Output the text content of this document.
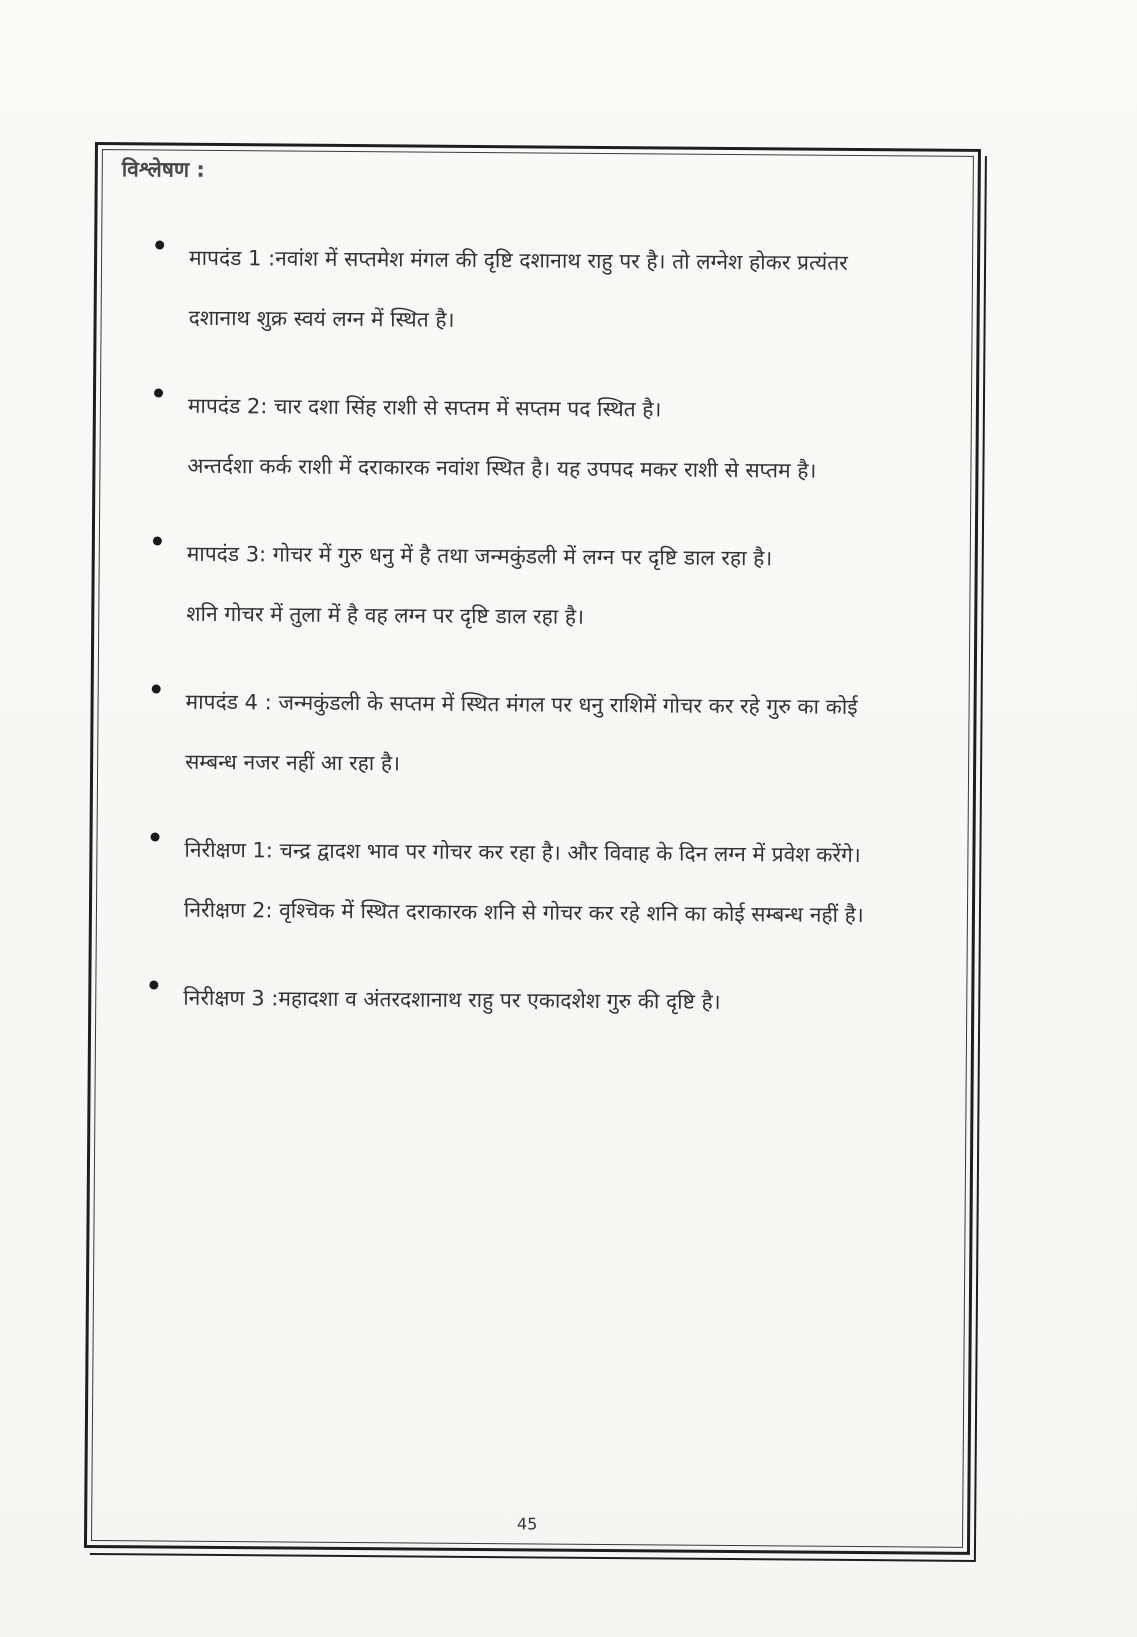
विश्लेषण :
मापदंड 1 :नवांश में सप्तमेश मंगल की दृष्टि दशानाथ राहु पर है। तो लग्नेश होकर प्रत्यंतर
दशानाथ शुक्र स्वयं लग्न में स्थित है।
मापदंड 2: चार दशा सिंह राशी से सप्तम में सप्तम पद स्थित है।
अन्तर्दशा कर्क राशी में दराकारक नवांश स्थित है। यह उपपद मकर राशी से सप्तम है।
मापदंड 3: गोचर में गुरु धनु में है तथा जन्मकुंडली में लग्न पर दृष्टि डाल रहा है।
शनि गोचर में तुला में है वह लग्न पर दृष्टि डाल रहा है।
मापदंड 4 : जन्मकुंडली के सप्तम में स्थित मंगल पर धनु राशिमें गोचर कर रहे गुरु का कोई
सम्बन्ध नजर नहीं आ रहा है।
निरीक्षण 1: चन्द्र द्वादश भाव पर गोचर कर रहा है। और विवाह के दिन लग्न में प्रवेश करेंगे।
निरीक्षण 2: वृश्चिक में स्थित दराकारक शनि से गोचर कर रहे शनि का कोई सम्बन्ध नहीं है।
निरीक्षण 3 :महादशा व अंतरदशानाथ राहु पर एकादशेश गुरु की दृष्टि है।
45
